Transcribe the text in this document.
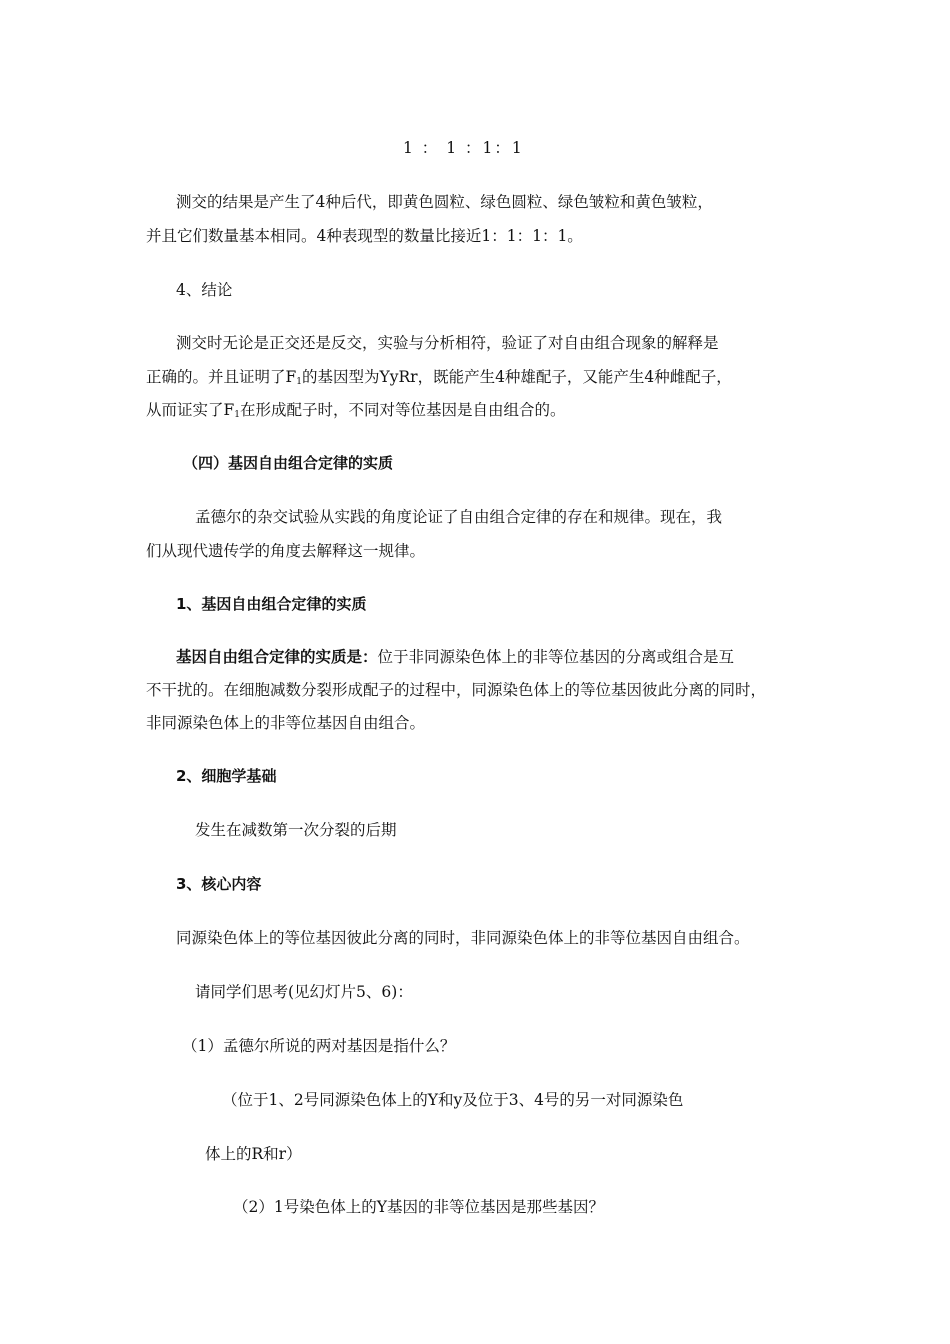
1 ： 1 ：1：1
测交的结果是产生了4种后代，即黄色圆粒、绿色圆粒、绿色皱粒和黄色皱粒，
并且它们数量基本相同。4种表现型的数量比接近1：1：1：1。
4、结论
测交时无论是正交还是反交，实验与分析相符，验证了对自由组合现象的解释是
正确的。并且证明了$F_1$的基因型为YyRr，既能产生4种雄配子，又能产生4种雌配子，
从而证实了$F_1$在形成配子时，不同对等位基因是自由组合的。
（四）基因自由组合定律的实质
孟德尔的杂交试验从实践的角度论证了自由组合定律的存在和规律。现在，我
们从现代遗传学的角度去解释这一规律。
1、基因自由组合定律的实质
基因自由组合定律的实质是：位于非同源染色体上的非等位基因的分离或组合是互
不干扰的。在细胞减数分裂形成配子的过程中，同源染色体上的等位基因彼此分离的同时，
非同源染色体上的非等位基因自由组合。
2、细胞学基础
发生在减数第一次分裂的后期
3、核心内容
同源染色体上的等位基因彼此分离的同时，非同源染色体上的非等位基因自由组合。
请同学们思考(见幻灯片5、6)：
（1）孟德尔所说的两对基因是指什么？
（位于1、2号同源染色体上的Y和y及位于3、4号的另一对同源染色
体上的R和r）
（2）1号染色体上的Y基因的非等位基因是那些基因？
